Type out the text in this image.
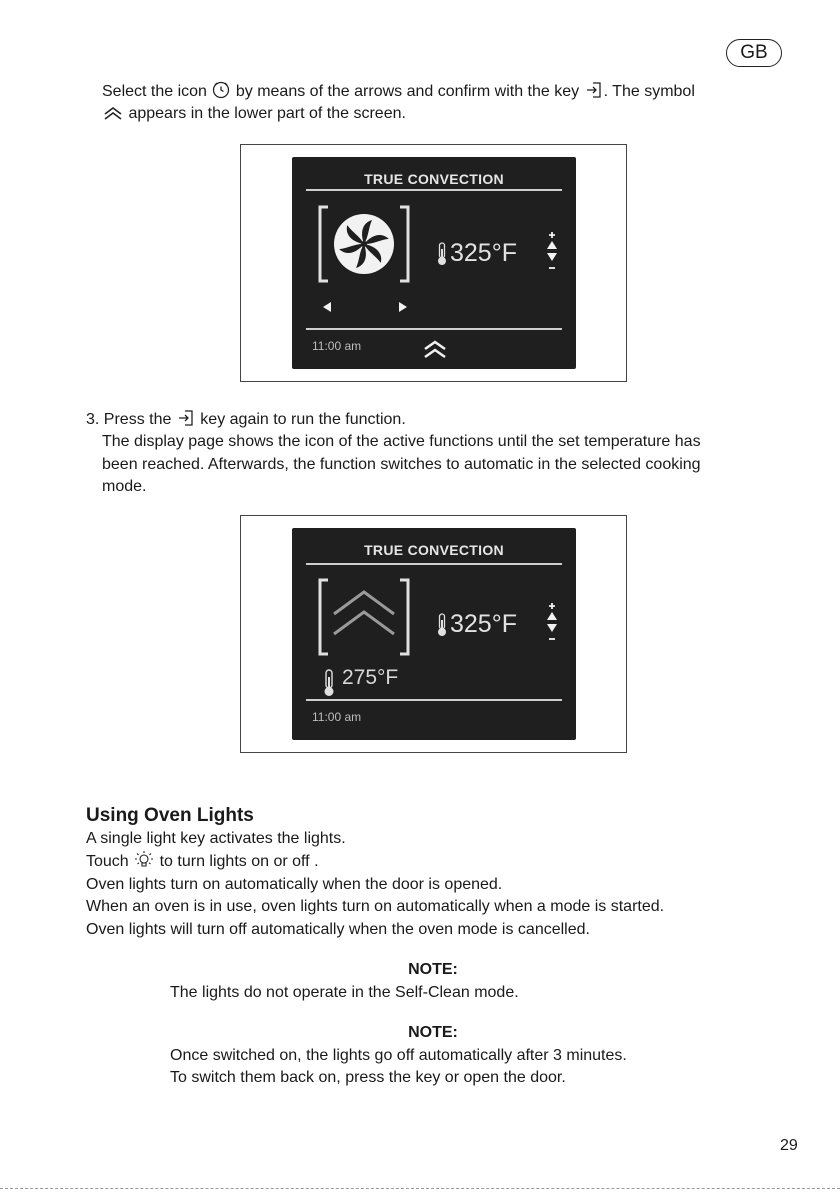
GB
Select the icon by means of the arrows and confirm with the key . The symbol
appears in the lower part of the screen.
TRUE CONVECTION
325°F
11:00 am
3. Press the key again to run the function.
The display page shows the icon of the active functions until the set temperature has
been reached. Afterwards, the function switches to automatic in the selected cooking
mode.
TRUE CONVECTION
325°F
275°F
11:00 am
Using Oven Lights
A single light key activates the lights.
Touch to turn lights on or off .
Oven lights turn on automatically when the door is opened.
When an oven is in use, oven lights turn on automatically when a mode is started.
Oven lights will turn off automatically when the oven mode is cancelled.
NOTE:
The lights do not operate in the Self-Clean mode.
NOTE:
Once switched on, the lights go off automatically after 3 minutes.
To switch them back on, press the key or open the door.
29
